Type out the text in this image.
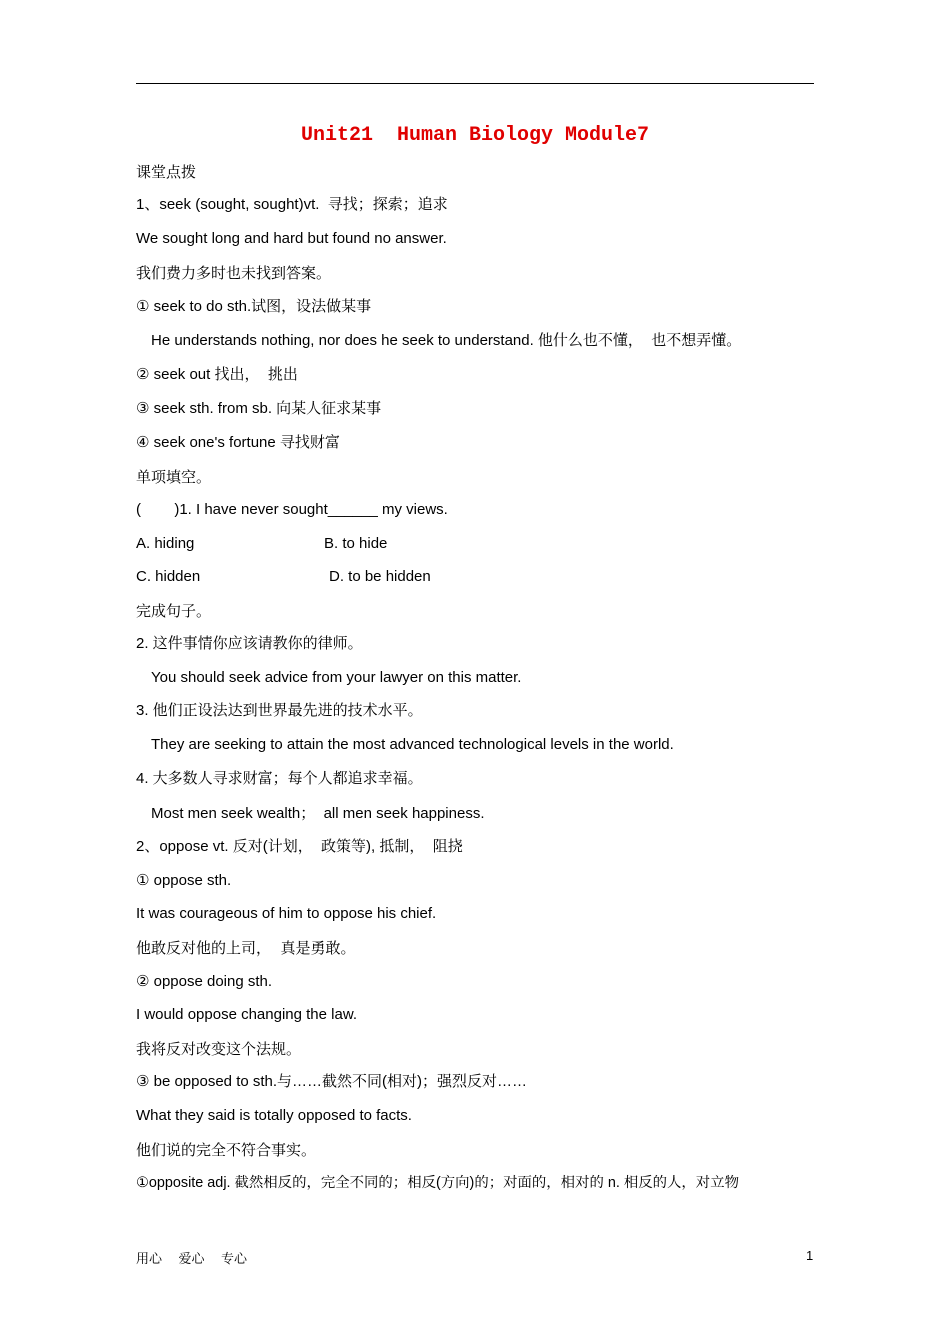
Unit21  Human Biology Module7
课堂点拨
1、seek (sought, sought)vt.  寻找；探索；追求
We sought long and hard but found no answer.
我们费力多时也未找到答案。
① seek to do sth.试图，设法做某事
He understands nothing, nor does he seek to understand. 他什么也不懂，  也不想弄懂。
② seek out 找出，  挑出
③ seek sth. from sb. 向某人征求某事
④ seek one's fortune 寻找财富
单项填空。
(        )1. I have never sought______ my views.
A. hiding	B. to hide
C. hidden	D. to be hidden
完成句子。
2. 这件事情你应该请教你的律师。
You should seek advice from your lawyer on this matter.
3. 他们正设法达到世界最先进的技术水平。
They are seeking to attain the most advanced technological levels in the world.
4. 大多数人寻求财富；每个人都追求幸福。
Most men seek wealth；  all men seek happiness.
2、oppose vt. 反对(计划，  政策等), 抵制，  阻挠
① oppose sth.
It was courageous of him to oppose his chief.
他敢反对他的上司，  真是勇敢。
② oppose doing sth.
I would oppose changing the law.
我将反对改变这个法规。
③ be opposed to sth.与……截然不同(相对)；强烈反对……
What they said is totally opposed to facts.
他们说的完全不符合事实。
①opposite adj. 截然相反的，完全不同的；相反(方向)的；对面的，相对的 n. 相反的人，对立物
用心    爱心    专心	1
